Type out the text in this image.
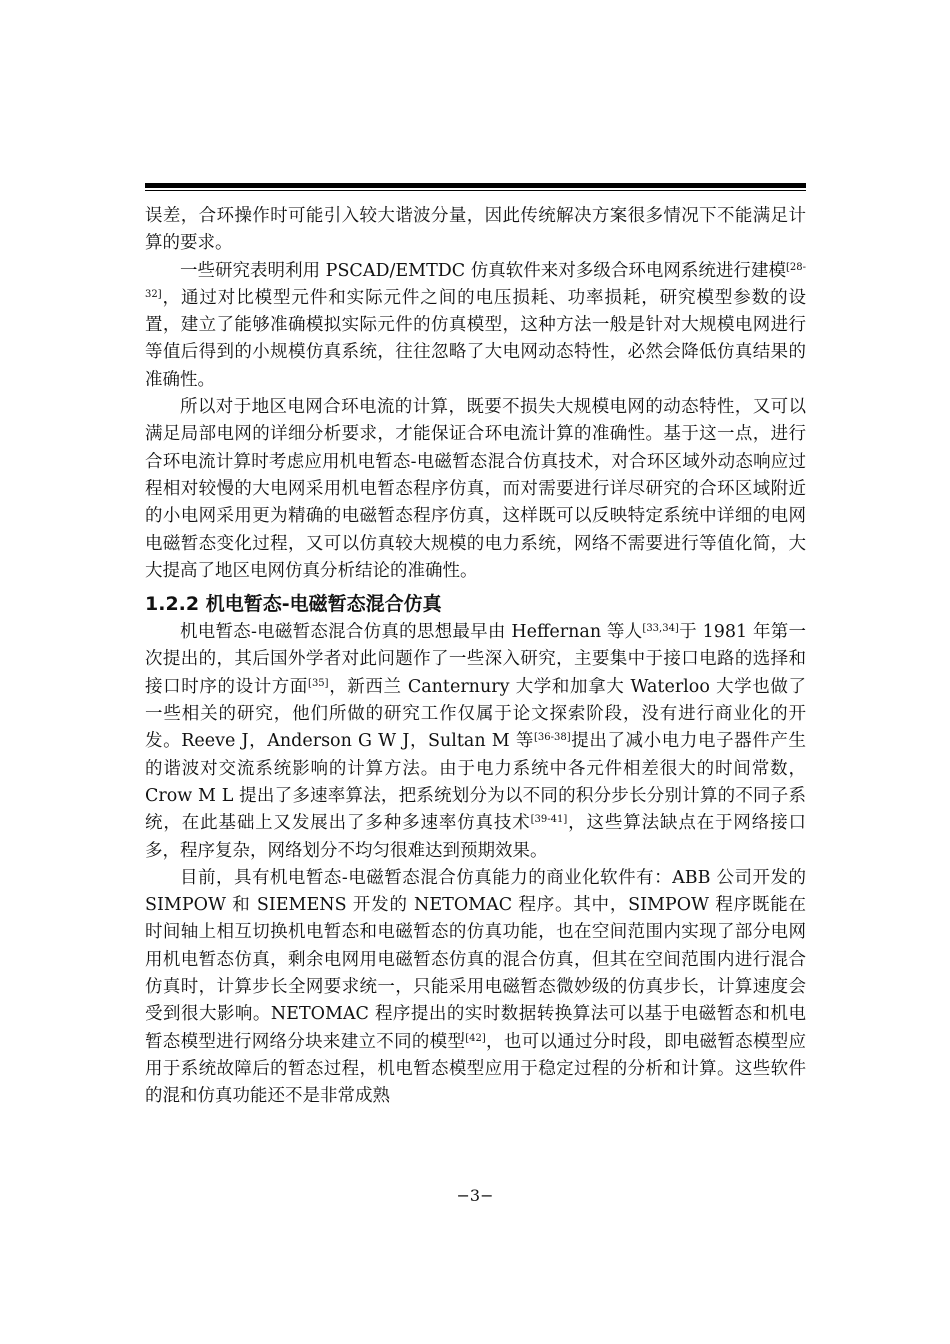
误差，合环操作时可能引入较大谐波分量，因此传统解决方案很多情况下不能满足计算的要求。

一些研究表明利用 PSCAD/EMTDC 仿真软件来对多级合环电网系统进行建模[28-32]，通过对比模型元件和实际元件之间的电压损耗、功率损耗，研究模型参数的设置，建立了能够准确模拟实际元件的仿真模型，这种方法一般是针对大规模电网进行等值后得到的小规模仿真系统，往往忽略了大电网动态特性，必然会降低仿真结果的准确性。

所以对于地区电网合环电流的计算，既要不损失大规模电网的动态特性，又可以满足局部电网的详细分析要求，才能保证合环电流计算的准确性。基于这一点，进行合环电流计算时考虑应用机电暂态-电磁暂态混合仿真技术，对合环区域外动态响应过程相对较慢的大电网采用机电暂态程序仿真，而对需要进行详尽研究的合环区域附近的小电网采用更为精确的电磁暂态程序仿真，这样既可以反映特定系统中详细的电网电磁暂态变化过程，又可以仿真较大规模的电力系统，网络不需要进行等值化简，大大提高了地区电网仿真分析结论的准确性。

1.2.2 机电暂态-电磁暂态混合仿真

机电暂态-电磁暂态混合仿真的思想最早由 Heffernan 等人[33,34]于 1981 年第一次提出的，其后国外学者对此问题作了一些深入研究，主要集中于接口电路的选择和接口时序的设计方面[35]，新西兰 Canternury 大学和加拿大 Waterloo 大学也做了一些相关的研究，他们所做的研究工作仅属于论文探索阶段，没有进行商业化的开发。Reeve J，Anderson G W J，Sultan M 等[36-38]提出了减小电力电子器件产生的谐波对交流系统影响的计算方法。由于电力系统中各元件相差很大的时间常数，Crow M L 提出了多速率算法，把系统划分为以不同的积分步长分别计算的不同子系统，在此基础上又发展出了多种多速率仿真技术[39-41]，这些算法缺点在于网络接口多，程序复杂，网络划分不均匀很难达到预期效果。

目前，具有机电暂态-电磁暂态混合仿真能力的商业化软件有：ABB 公司开发的 SIMPOW 和 SIEMENS 开发的 NETOMAC 程序。其中，SIMPOW 程序既能在时间轴上相互切换机电暂态和电磁暂态的仿真功能，也在空间范围内实现了部分电网用机电暂态仿真，剩余电网用电磁暂态仿真的混合仿真，但其在空间范围内进行混合仿真时，计算步长全网要求统一，只能采用电磁暂态微妙级的仿真步长，计算速度会受到很大影响。NETOMAC 程序提出的实时数据转换算法可以基于电磁暂态和机电暂态模型进行网络分块来建立不同的模型[42]，也可以通过分时段，即电磁暂态模型应用于系统故障后的暂态过程，机电暂态模型应用于稳定过程的分析和计算。这些软件的混和仿真功能还不是非常成熟

−3−
